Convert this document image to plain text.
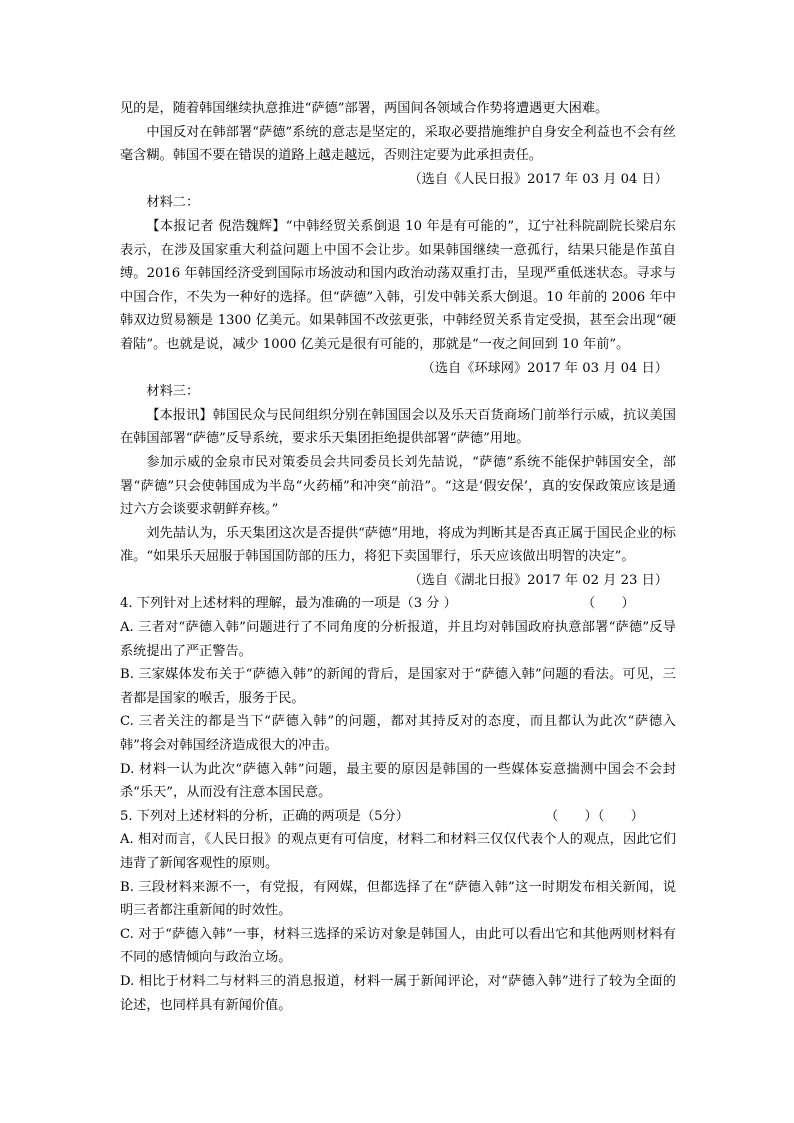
见的是，随着韩国继续执意推进“萨德”部署，两国间各领域合作势将遭遇更大困难。

中国反对在韩部署“萨德”系统的意志是坚定的，采取必要措施维护自身安全利益也不会有丝毫含糊。韩国不要在错误的道路上越走越远，否则注定要为此承担责任。

（选自《人民日报》2017 年 03 月 04 日）

材料二：

【本报记者 倪浩魏辉】“中韩经贸关系倒退 10 年是有可能的”，辽宁社科院副院长梁启东表示，在涉及国家重大利益问题上中国不会让步。如果韩国继续一意孤行，结果只能是作茧自缚。2016 年韩国经济受到国际市场波动和国内政治动荡双重打击，呈现严重低迷状态。寻求与中国合作，不失为一种好的选择。但“萨德”入韩，引发中韩关系大倒退。10 年前的 2006 年中韩双边贸易额是 1300 亿美元。如果韩国不改弦更张，中韩经贸关系肯定受损，甚至会出现“硬着陆”。也就是说，减少 1000 亿美元是很有可能的，那就是“一夜之间回到 10 年前”。

（选自《环球网》2017 年 03 月 04 日）

材料三：

【本报讯】韩国民众与民间组织分别在韩国国会以及乐天百货商场门前举行示威，抗议美国在韩国部署“萨德”反导系统，要求乐天集团拒绝提供部署“萨德”用地。

参加示威的金泉市民对策委员会共同委员长刘先喆说，“萨德”系统不能保护韩国安全，部署“萨德”只会使韩国成为半岛“火药桶”和冲突“前沿”。“这是‘假安保’，真的安保政策应该是通过六方会谈要求朝鲜弃核。”

刘先喆认为，乐天集团这次是否提供“萨德”用地，将成为判断其是否真正属于国民企业的标准。“如果乐天屈服于韩国国防部的压力，将犯下卖国罪行，乐天应该做出明智的决定”。

（选自《湖北日报》2017 年 02 月 23 日）

4. 下列针对上述材料的理解，最为准确的一项是（3 分 ）	（　　）

A. 三者对“萨德入韩”问题进行了不同角度的分析报道，并且均对韩国政府执意部署“萨德”反导系统提出了严正警告。

B. 三家媒体发布关于“萨德入韩”的新闻的背后，是国家对于“萨德入韩”问题的看法。可见，三者都是国家的喉舌，服务于民。

C. 三者关注的都是当下“萨德入韩”的问题，都对其持反对的态度，而且都认为此次“萨德入韩”将会对韩国经济造成很大的冲击。

D. 材料一认为此次“萨德入韩”问题，最主要的原因是韩国的一些媒体妄意揣测中国会不会封杀“乐天”，从而没有注意本国民意。

5. 下列对上述材料的分析，正确的两项是（5分）	（　　）（　　）

A. 相对而言，《人民日报》的观点更有可信度，材料二和材料三仅仅代表个人的观点，因此它们违背了新闻客观性的原则。

B. 三段材料来源不一，有党报，有网媒，但都选择了在“萨德入韩”这一时期发布相关新闻，说明三者都注重新闻的时效性。

C. 对于“萨德入韩”一事，材料三选择的采访对象是韩国人，由此可以看出它和其他两则材料有不同的感情倾向与政治立场。

D. 相比于材料二与材料三的消息报道，材料一属于新闻评论，对“萨德入韩”进行了较为全面的论述，也同样具有新闻价值。
